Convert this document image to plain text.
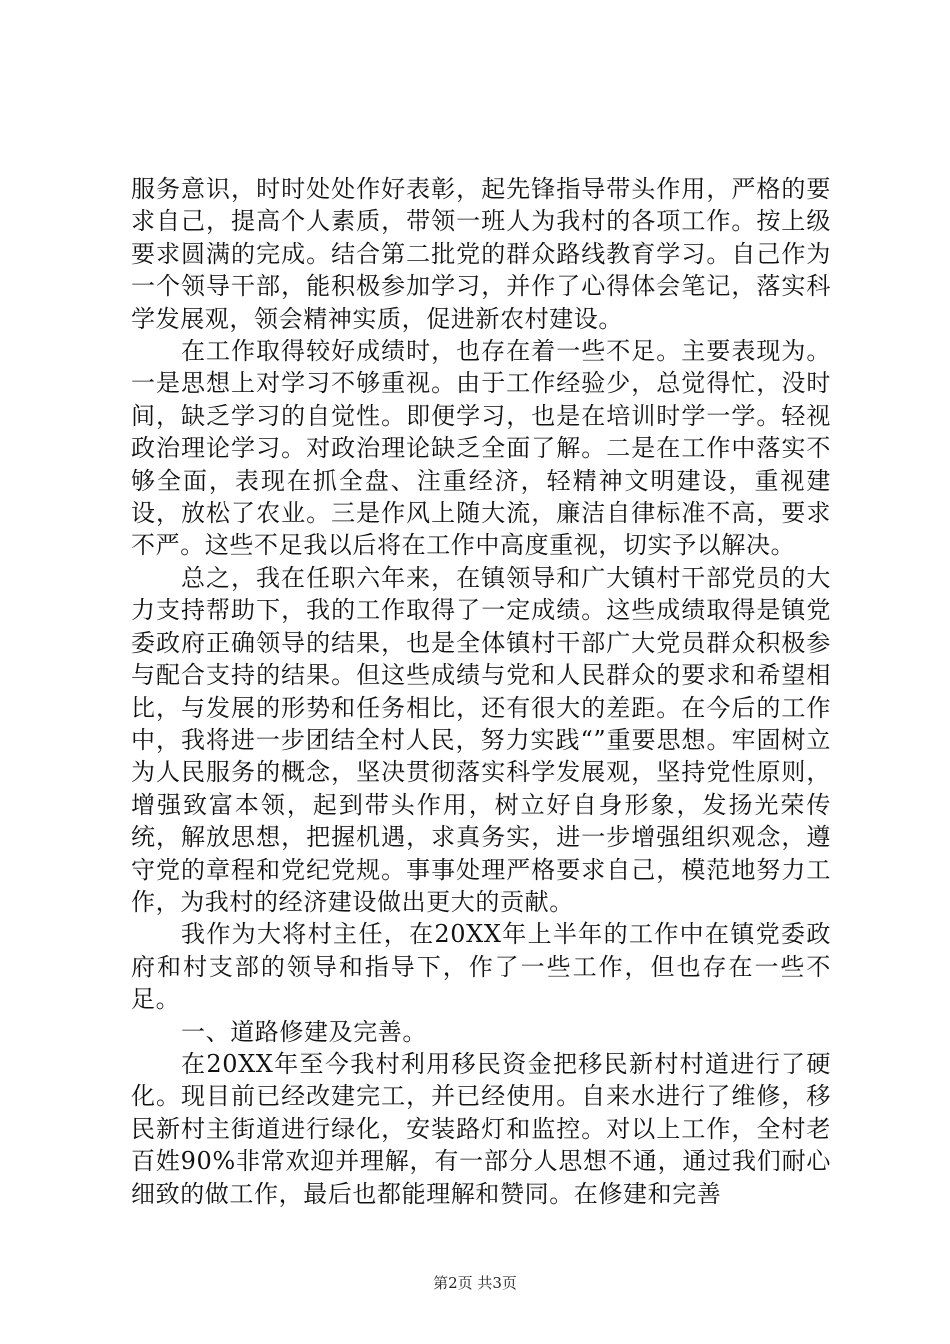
服务意识，时时处处作好表彰，起先锋指导带头作用，严格的要求自己，提高个人素质，带领一班人为我村的各项工作。按上级要求圆满的完成。结合第二批党的群众路线教育学习。自己作为一个领导干部，能积极参加学习，并作了心得体会笔记，落实科学发展观，领会精神实质，促进新农村建设。

在工作取得较好成绩时，也存在着一些不足。主要表现为。一是思想上对学习不够重视。由于工作经验少，总觉得忙，没时间，缺乏学习的自觉性。即便学习，也是在培训时学一学。轻视政治理论学习。对政治理论缺乏全面了解。二是在工作中落实不够全面，表现在抓全盘、注重经济，轻精神文明建设，重视建设，放松了农业。三是作风上随大流，廉洁自律标准不高，要求不严。这些不足我以后将在工作中高度重视，切实予以解决。

总之，我在任职六年来，在镇领导和广大镇村干部党员的大力支持帮助下，我的工作取得了一定成绩。这些成绩取得是镇党委政府正确领导的结果，也是全体镇村干部广大党员群众积极参与配合支持的结果。但这些成绩与党和人民群众的要求和希望相比，与发展的形势和任务相比，还有很大的差距。在今后的工作中，我将进一步团结全村人民，努力实践“”重要思想。牢固树立为人民服务的概念，坚决贯彻落实科学发展观，坚持党性原则，增强致富本领，起到带头作用，树立好自身形象，发扬光荣传统，解放思想，把握机遇，求真务实，进一步增强组织观念，遵守党的章程和党纪党规。事事处理严格要求自己，模范地努力工作，为我村的经济建设做出更大的贡献。

我作为大将村主任，在20XX年上半年的工作中在镇党委政府和村支部的领导和指导下，作了一些工作，但也存在一些不足。

一、道路修建及完善。

在20XX年至今我村利用移民资金把移民新村村道进行了硬化。现目前已经改建完工，并已经使用。自来水进行了维修，移民新村主街道进行绿化，安装路灯和监控。对以上工作，全村老百姓90%非常欢迎并理解，有一部分人思想不通，通过我们耐心细致的做工作，最后也都能理解和赞同。在修建和完善

第2页 共3页
